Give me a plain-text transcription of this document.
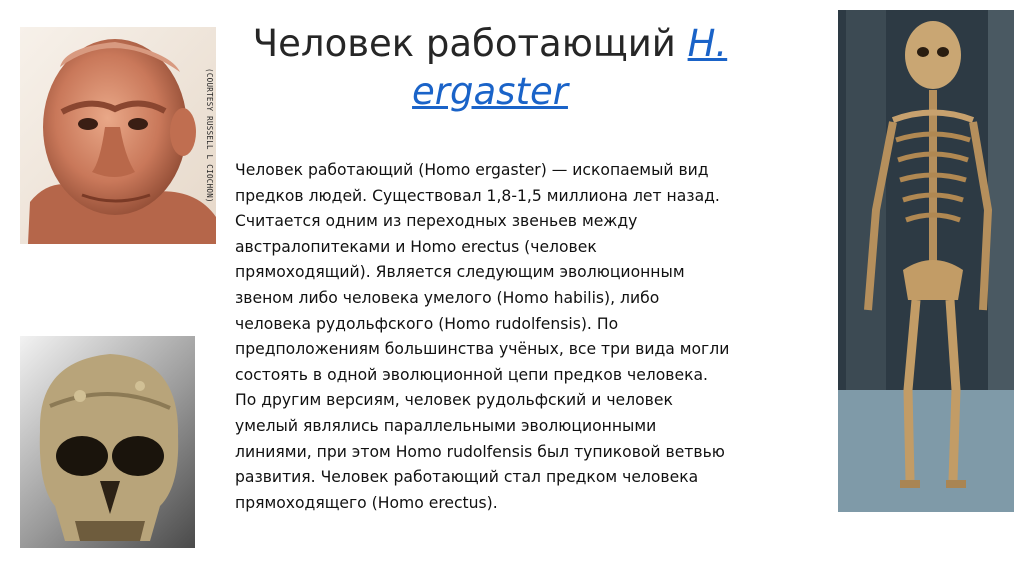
Человек работающий H.
ergaster
Человек работающий (Homo ergaster) — ископаемый вид
предков людей. Существовал 1,8-1,5 миллиона лет назад.
Считается одним из переходных звеньев между
австралопитеками и Homo erectus (человек
прямоходящий). Является следующим эволюционным
звеном либо человека умелого (Homo habilis), либо
человека рудольфского (Homo rudolfensis). По
предположениям большинства учёных, все три вида могли
состоять в одной эволюционной цепи предков человека.
По другим версиям, человек рудольфский и человек
умелый являлись параллельными эволюционными
линиями, при этом Homo rudolfensis был тупиковой ветвью
развития. Человек работающий стал предком человека
прямоходящего (Homo erectus).
(COURTESY RUSSELL L CIOCHON)
